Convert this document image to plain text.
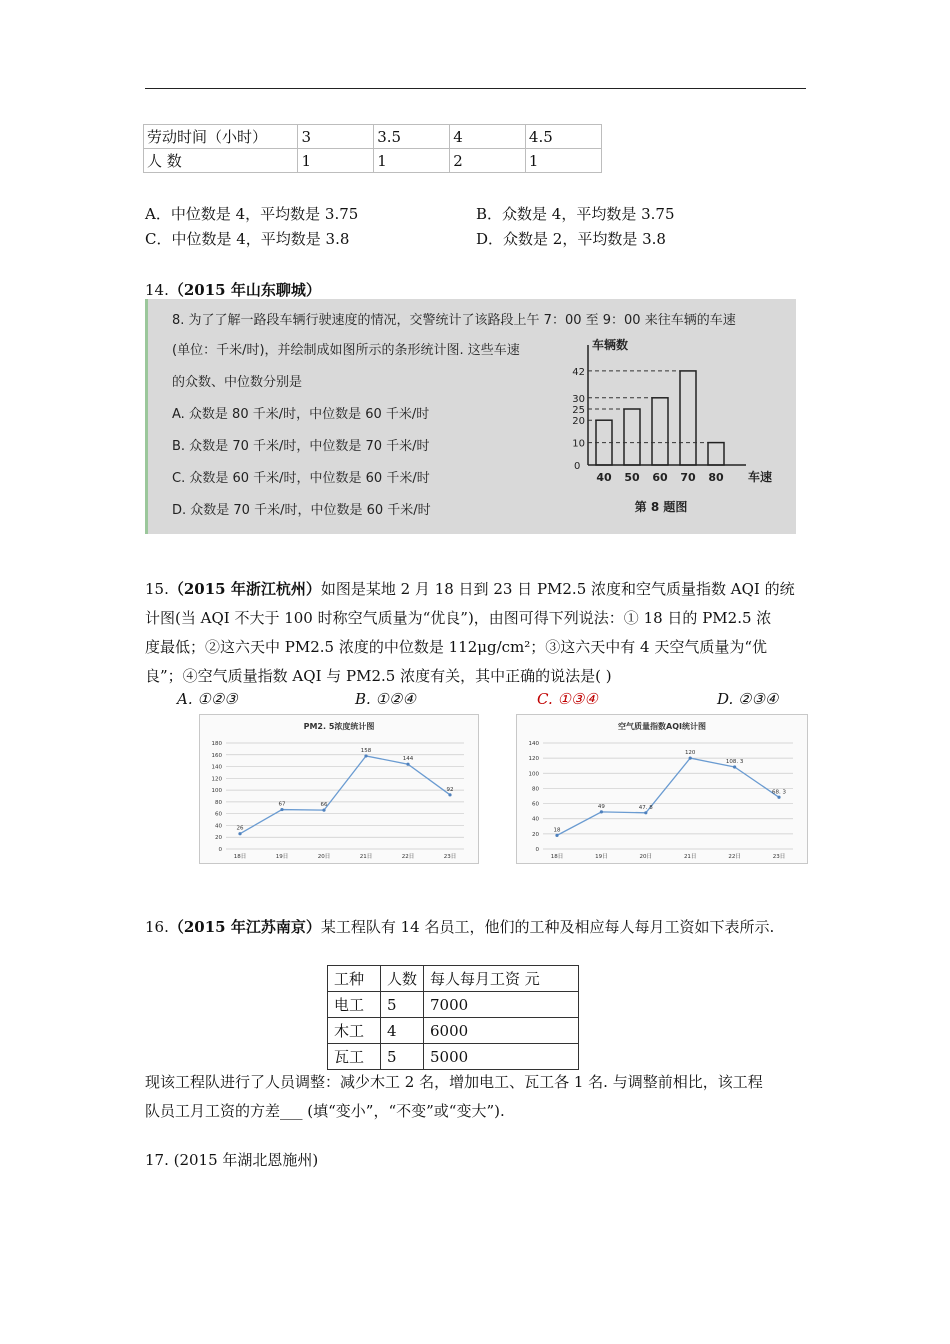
劳动时间（小时）	3	3.5	4	4.5
人 数	1	1	2	1
A．中位数是 4，平均数是 3.75	B．众数是 4，平均数是 3.75
C．中位数是 4，平均数是 3.8	D．众数是 2，平均数是 3.8
14.（2015 年山东聊城）
8. 为了了解一路段车辆行驶速度的情况，交警统计了该路段上午 7：00 至 9：00 来往车辆的车速
(单位：千米/时)，并绘制成如图所示的条形统计图. 这些车速
的众数、中位数分别是
A. 众数是 80 千米/时，中位数是 60 千米/时
B. 众数是 70 千米/时，中位数是 70 千米/时
C. 众数是 60 千米/时，中位数是 60 千米/时
D. 众数是 70 千米/时，中位数是 60 千米/时
车辆数
车速
0
40 50 60 70 80
10
20
25
30
42
第 8 题图
15.（2015 年浙江杭州）如图是某地 2 月 18 日到 23 日 PM2.5 浓度和空气质量指数 AQI 的统
计图(当 AQI 不大于 100 时称空气质量为“优良”)，由图可得下列说法：① 18 日的 PM2.5 浓
度最低；②这六天中 PM2.5 浓度的中位数是 112μg/cm²；③这六天中有 4 天空气质量为“优
良”；④空气质量指数 AQI 与 PM2.5 浓度有关，其中正确的说法是( )
A. ①②③	B. ①②④	C. ①③④	D. ②③④
PM2. 5浓度统计图
0
20
40
60
80
100
120
140
160
180
26
18日
67
19日
66
20日
158
21日
144
22日
92
23日
空气质量指数AQI统计图
0
20
40
60
80
100
120
140
18
18日
49
19日
47. 8
20日
120
21日
108. 3
22日
68. 3
23日
16.（2015 年江苏南京）某工程队有 14 名员工，他们的工种及相应每人每月工资如下表所示.
工种	人数	每人每月工资 元
电工	5	7000
木工	4	6000
瓦工	5	5000
现该工程队进行了人员调整：减少木工 2 名，增加电工、瓦工各 1 名. 与调整前相比，该工程
队员工月工资的方差___ (填“变小”，“不变”或“变大”).
17. (2015 年湖北恩施州)
